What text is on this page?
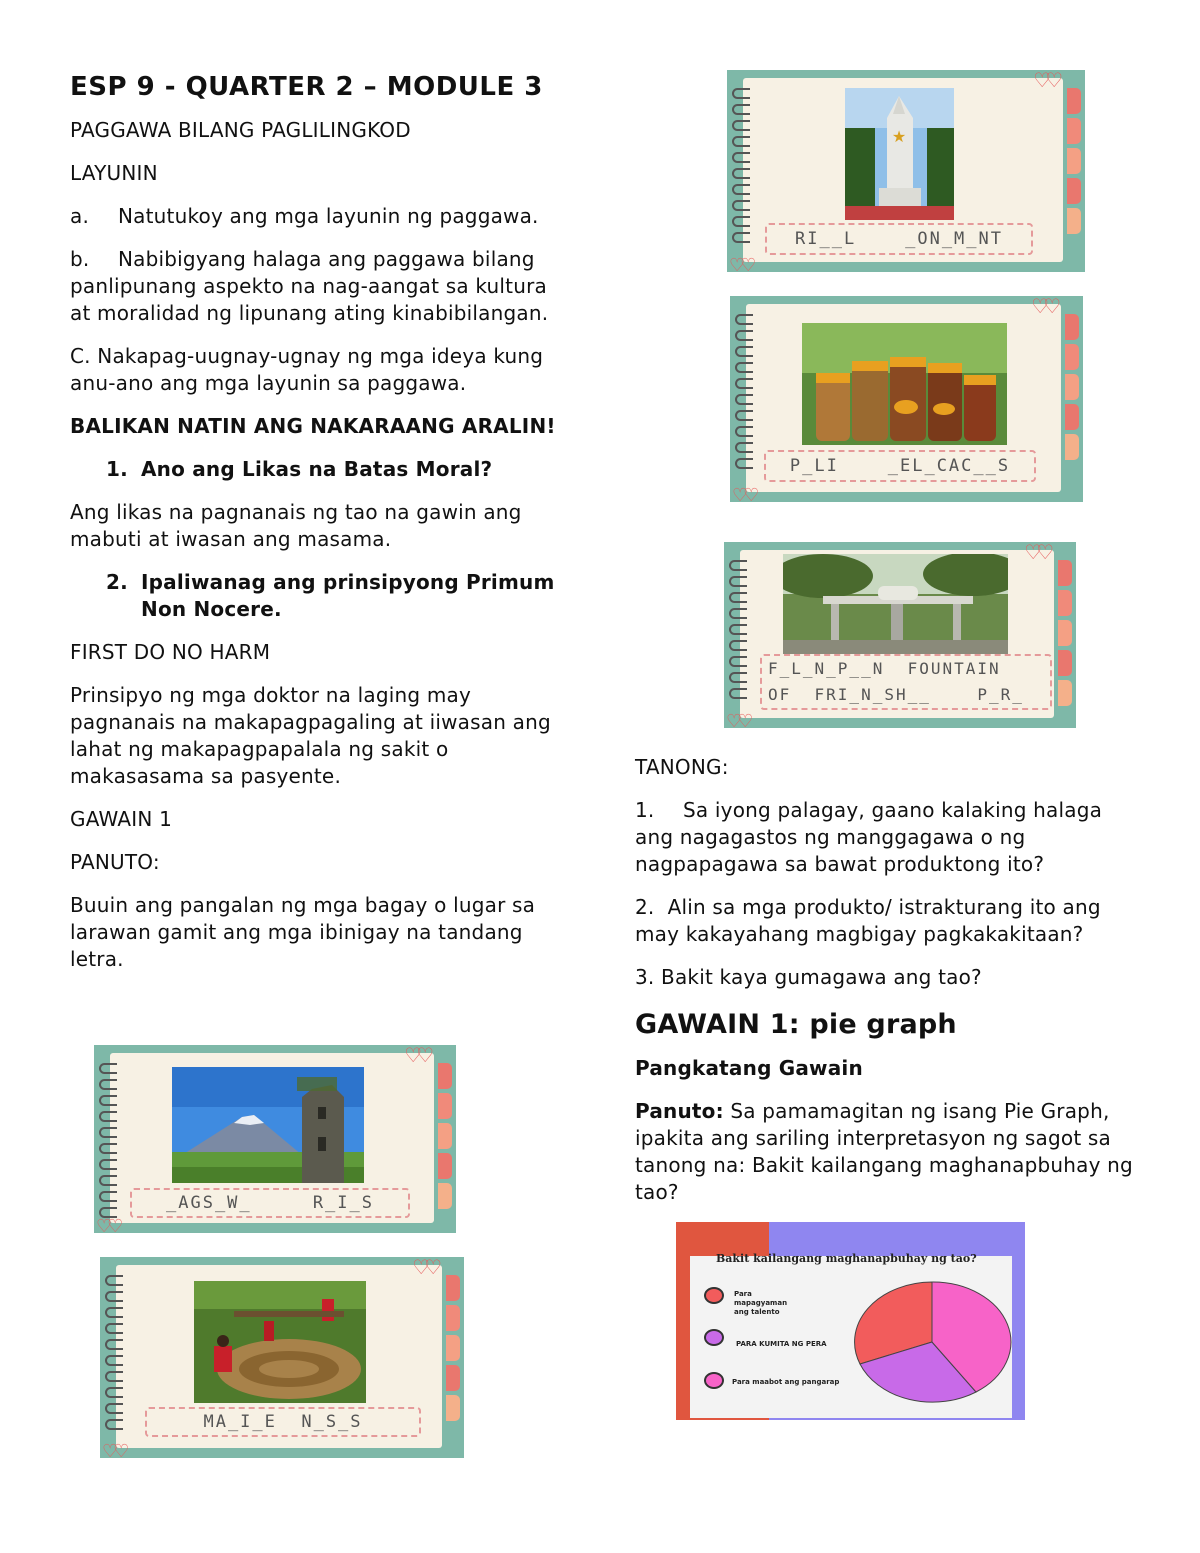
ESP 9 - QUARTER 2 – MODULE 3
PAGGAWA BILANG PAGLILINGKOD
LAYUNIN
a. Natutukoy ang mga layunin ng paggawa.
b. Nabibigyang halaga ang paggawa bilang panlipunang aspekto na nag-aangat sa kultura at moralidad ng lipunang ating kinabibilangan.
C. Nakapag-uugnay-ugnay ng mga ideya kung anu-ano ang mga layunin sa paggawa.
BALIKAN NATIN ANG NAKARAANG ARALIN!
1. Ano ang Likas na Batas Moral?
Ang likas na pagnanais ng tao na gawin ang mabuti at iwasan ang masama.
2. Ipaliwanag ang prinsipyong Primum Non Nocere.
FIRST DO NO HARM
Prinsipyo ng mga doktor na laging may pagnanais na makapagpagaling at iiwasan ang lahat ng makapagpapalala ng sakit o makasasama sa pasyente.
GAWAIN 1
PANUTO:
Buuin ang pangalan ng mga bagay o lugar sa larawan gamit ang mga ibinigay na tandang letra.
♡♡
♡♡
_AGS_W_     R_I_S
♡♡
♡♡
MA_I_E  N_S_S
♡♡
♡♡
★
RI__L    _ON_M_NT
♡♡
♡♡
P_LI    _EL_CAC__S
♡♡
♡♡
F_L_N_P__N  FOUNTAIN
OF  FRI_N_SH__    P_R_
TANONG:
1. Sa iyong palagay, gaano kalaking halaga ang nagagastos ng manggagawa o ng nagpapagawa sa bawat produktong ito?
2. Alin sa mga produkto/ istrakturang ito ang may kakayahang magbigay pagkakakitaan?
3. Bakit kaya gumagawa ang tao?
GAWAIN 1: pie graph
Pangkatang Gawain
Panuto: Sa pamamagitan ng isang Pie Graph, ipakita ang sariling interpretasyon ng sagot sa tanong na: Bakit kailangang maghanapbuhay ng tao?
Bakit kailangang maghanapbuhay ng tao?
Para mapagyaman ang talento
PARA KUMITA NG PERA
Para maabot ang pangarap
